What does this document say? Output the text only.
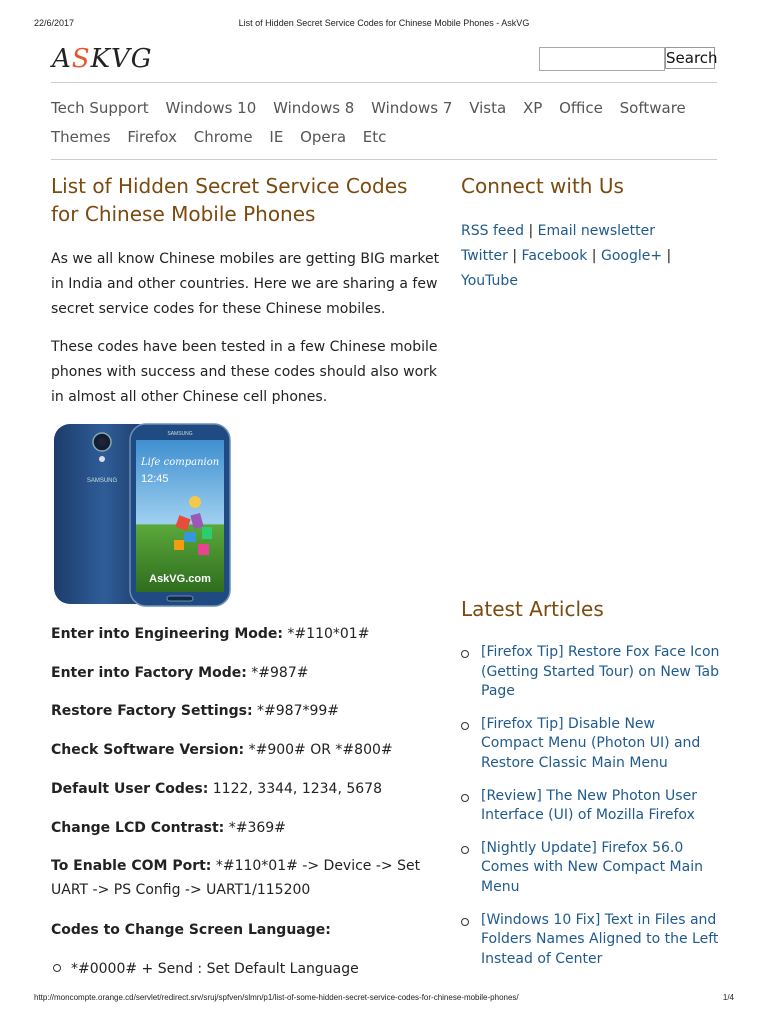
22/6/2017	List of Hidden Secret Service Codes for Chinese Mobile Phones - AskVG
ASKVG	Search
Tech Support Windows 10 Windows 8 Windows 7 Vista XP Office Software
Themes Firefox Chrome IE Opera Etc
List of Hidden Secret Service Codes for Chinese Mobile Phones

As we all know Chinese mobiles are getting BIG market in India and other countries. Here we are sharing a few secret service codes for these Chinese mobiles.

These codes have been tested in a few Chinese mobile phones with success and these codes should also work in almost all other Chinese cell phones.

SAMSUNG
SAMSUNG
Life companion
12:45
AskVG.com

Enter into Engineering Mode: *#110*01#

Enter into Factory Mode: *#987#

Restore Factory Settings: *#987*99#

Check Software Version: *#900# OR *#800#

Default User Codes: 1122, 3344, 1234, 5678

Change LCD Contrast: *#369#

To Enable COM Port: *#110*01# -> Device -> Set UART -> PS Config -> UART1/115200

Codes to Change Screen Language:

*#0000# + Send : Set Default Language
Connect with Us
RSS feed | Email newsletter
Twitter | Facebook | Google+ |
YouTube
Latest Articles
[Firefox Tip] Restore Fox Face Icon (Getting Started Tour) on New Tab Page
[Firefox Tip] Disable New Compact Menu (Photon UI) and Restore Classic Main Menu
[Review] The New Photon User Interface (UI) of Mozilla Firefox
[Nightly Update] Firefox 56.0 Comes with New Compact Main Menu
[Windows 10 Fix] Text in Files and Folders Names Aligned to the Left Instead of Center
http://moncompte.orange.cd/servlet/redirect.srv/sruj/spfven/slmn/p1/list-of-some-hidden-secret-service-codes-for-chinese-mobile-phones/	1/4
